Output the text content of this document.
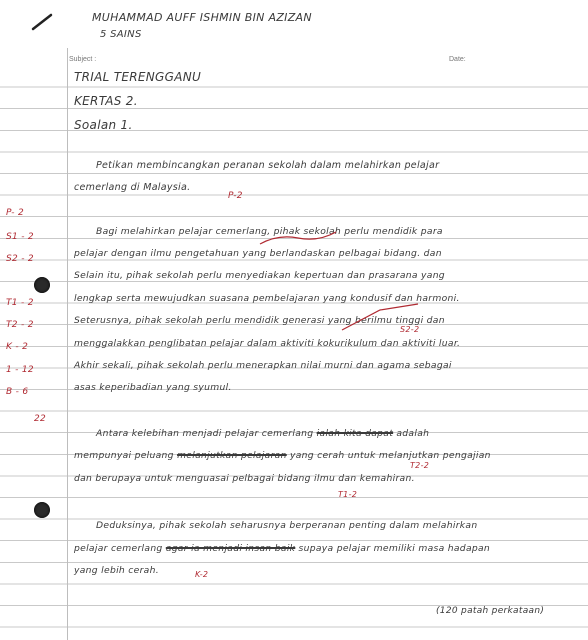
MUHAMMAD AUFF ISHMIN BIN AZIZAN
5 SAINS
Subject :	Date:
TRIAL TERENGGANU
KERTAS 2.
Soalan 1.
Petikan membincangkan peranan sekolah dalam melahirkan pelajar
cemerlang di Malaysia.
P-2
P- 2
S1 - 2
S2 - 2
T1 - 2
T2 - 2
K - 2
1 - 12
B - 6
22
Bagi melahirkan pelajar cemerlang, pihak sekolah perlu mendidik para
pelajar dengan ilmu pengetahuan yang berlandaskan pelbagai bidang. dan
Selain itu, pihak sekolah perlu menyediakan kepertuan dan prasarana yang
lengkap serta mewujudkan suasana pembelajaran yang kondusif dan harmoni.
Seterusnya, pihak sekolah perlu mendidik generasi yang berilmu tinggi dan
menggalakkan penglibatan pelajar dalam aktiviti kokurikulum dan aktiviti luar.
Akhir sekali, pihak sekolah perlu menerapkan nilai murni dan agama sebagai
asas keperibadian yang syumul.
S2-2
Antara kelebihan menjadi pelajar cemerlang ialah kita dapat adalah
mempunyai peluang melanjutkan pelajaran yang cerah untuk melanjutkan pengajian
T2-2
dan berupaya untuk menguasai pelbagai bidang ilmu dan kemahiran.
T1-2
Deduksinya, pihak sekolah seharusnya berperanan penting dalam melahirkan
pelajar cemerlang agar ia menjadi insan baik supaya pelajar memiliki masa hadapan
yang lebih cerah.	K-2
(120 patah perkataan)
